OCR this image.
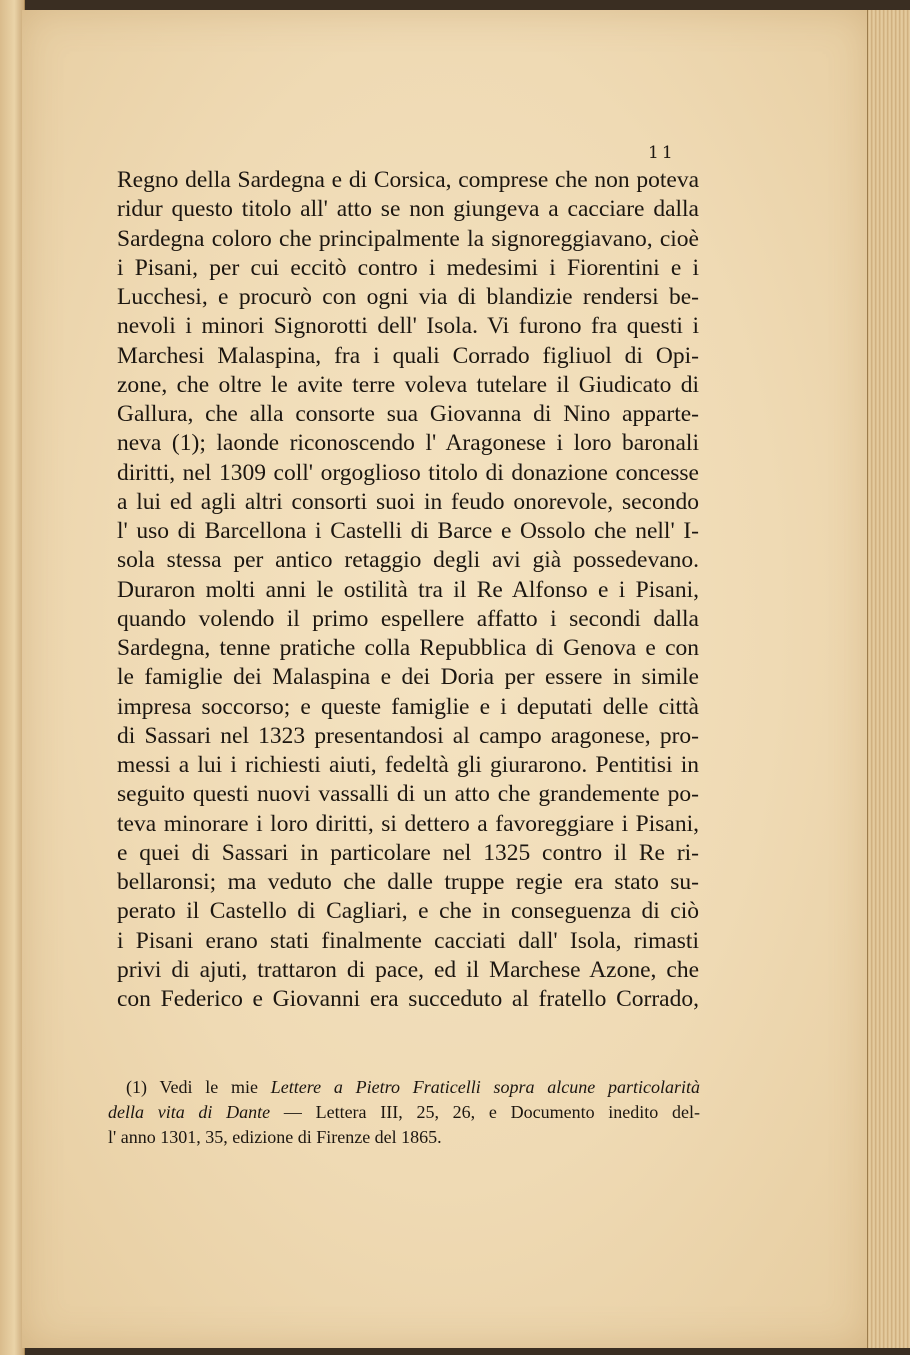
11
Regno della Sardegna e di Corsica, comprese che non poteva
ridur questo titolo all' atto se non giungeva a cacciare dalla
Sardegna coloro che principalmente la signoreggiavano, cioè
i Pisani, per cui eccitò contro i medesimi i Fiorentini e i
Lucchesi, e procurò con ogni via di blandizie rendersi be-
nevoli i minori Signorotti dell' Isola. Vi furono fra questi i
Marchesi Malaspina, fra i quali Corrado figliuol di Opi-
zone, che oltre le avite terre voleva tutelare il Giudicato di
Gallura, che alla consorte sua Giovanna di Nino apparte-
neva (1); laonde riconoscendo l' Aragonese i loro baronali
diritti, nel 1309 coll' orgoglioso titolo di donazione concesse
a lui ed agli altri consorti suoi in feudo onorevole, secondo
l' uso di Barcellona i Castelli di Barce e Ossolo che nell' I-
sola stessa per antico retaggio degli avi già possedevano.
Duraron molti anni le ostilità tra il Re Alfonso e i Pisani,
quando volendo il primo espellere affatto i secondi dalla
Sardegna, tenne pratiche colla Repubblica di Genova e con
le famiglie dei Malaspina e dei Doria per essere in simile
impresa soccorso; e queste famiglie e i deputati delle città
di Sassari nel 1323 presentandosi al campo aragonese, pro-
messi a lui i richiesti aiuti, fedeltà gli giurarono. Pentitisi in
seguito questi nuovi vassalli di un atto che grandemente po-
teva minorare i loro diritti, si dettero a favoreggiare i Pisani,
e quei di Sassari in particolare nel 1325 contro il Re ri-
bellaronsi; ma veduto che dalle truppe regie era stato su-
perato il Castello di Cagliari, e che in conseguenza di ciò
i Pisani erano stati finalmente cacciati dall' Isola, rimasti
privi di ajuti, trattaron di pace, ed il Marchese Azone, che
con Federico e Giovanni era succeduto al fratello Corrado,
(1) Vedi le mie Lettere a Pietro Fraticelli sopra alcune particolarità
della vita di Dante — Lettera III, 25, 26, e Documento inedito del-
l' anno 1301, 35, edizione di Firenze del 1865.
